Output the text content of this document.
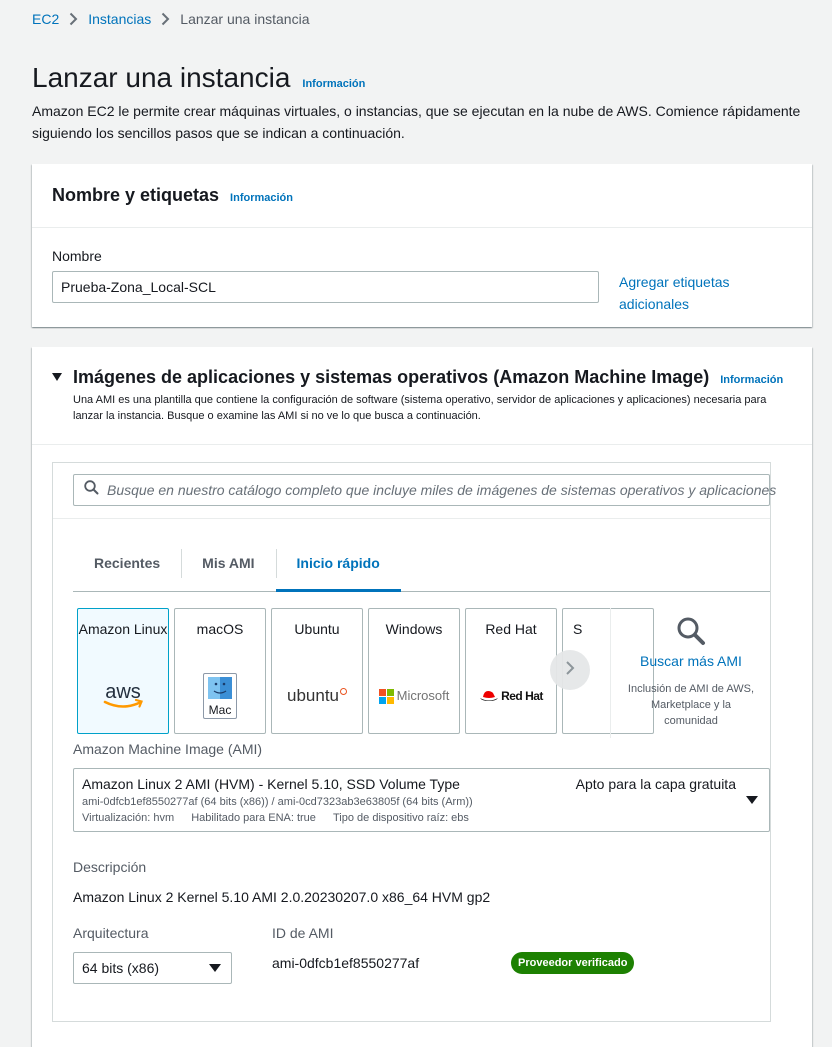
EC2 Instancias Lanzar una instancia
Lanzar una instancia Información
Amazon EC2 le permite crear máquinas virtuales, o instancias, que se ejecutan en la nube de AWS. Comience rápidamente
siguiendo los sencillos pasos que se indican a continuación.
Nombre y etiquetas Información
Nombre
Prueba-Zona_Local-SCL	Agregar etiquetas adicionales
Imágenes de aplicaciones y sistemas operativos (Amazon Machine Image) Información
Una AMI es una plantilla que contiene la configuración de software (sistema operativo, servidor de aplicaciones y aplicaciones) necesaria para lanzar la instancia. Busque o examine las AMI si no ve lo que busca a continuación.
Busque en nuestro catálogo completo que incluye miles de imágenes de sistemas operativos y aplicaciones
Recientes	Mis AMI	Inicio rápido
Amazon Linux
aws
macOS
Mac
Ubuntu
ubuntu
Windows
Microsoft
Red Hat
Red Hat
S
Buscar más AMI
Inclusión de AMI de AWS, Marketplace y la comunidad
Amazon Machine Image (AMI)
Amazon Linux 2 AMI (HVM) - Kernel 5.10, SSD Volume Type	Apto para la capa gratuita
ami-0dfcb1ef8550277af (64 bits (x86)) / ami-0cd7323ab3e63805f (64 bits (Arm))
Virtualización: hvm Habilitado para ENA: true Tipo de dispositivo raíz: ebs
Descripción
Amazon Linux 2 Kernel 5.10 AMI 2.0.20230207.0 x86_64 HVM gp2
Arquitectura
64 bits (x86)
ID de AMI
ami-0dfcb1ef8550277af	Proveedor verificado
